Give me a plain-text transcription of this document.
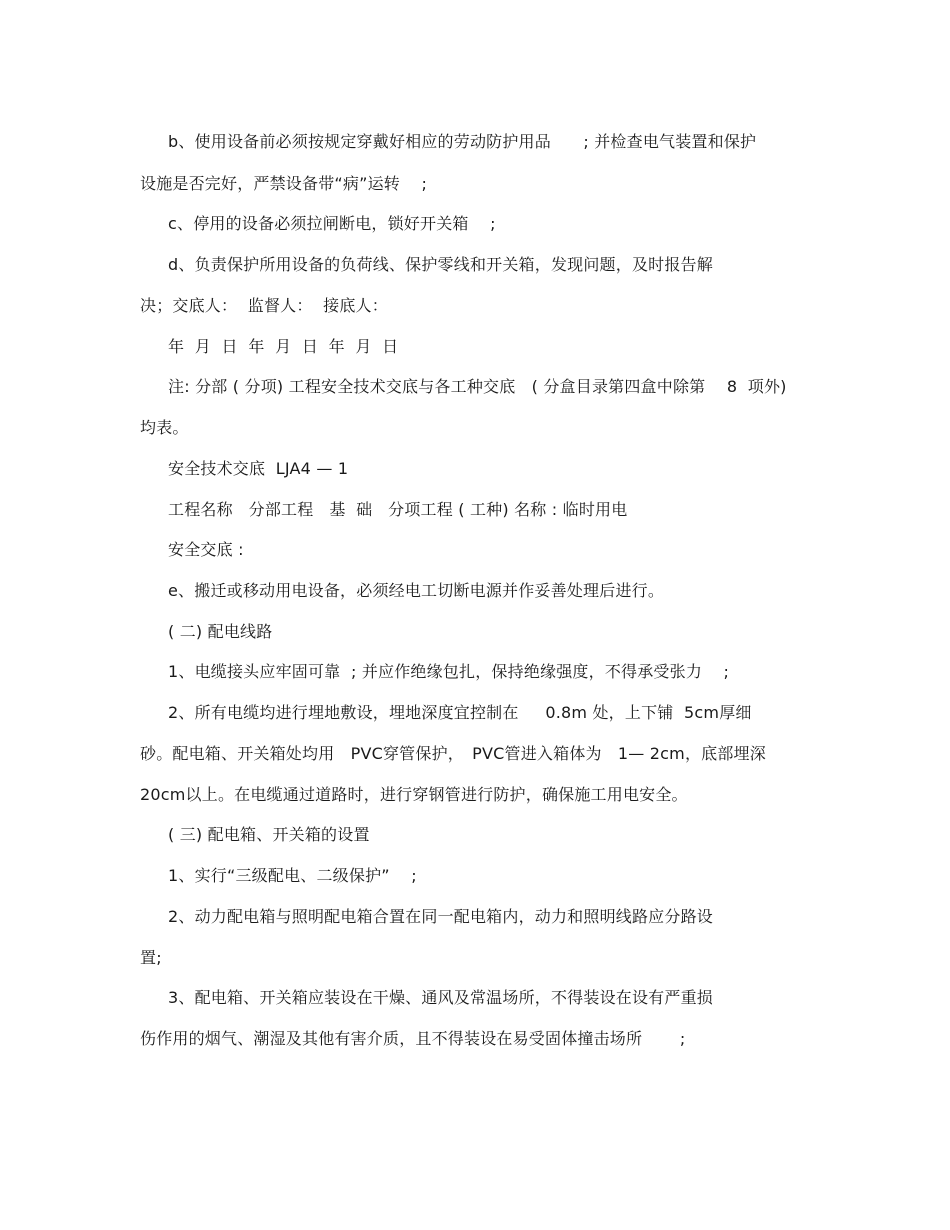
b、使用设备前必须按规定穿戴好相应的劳动防护用品　　; 并检查电气装置和保护
设施是否完好，严禁设备带“病”运转　 ;
c、停用的设备必须拉闸断电，锁好开关箱　 ;
d、负责保护所用设备的负荷线、保护零线和开关箱，发现问题，及时报告解
决；交底人：  监督人：  接底人：
年  月  日  年  月  日  年  月  日
注: 分部 ( 分项) 工程安全技术交底与各工种交底　( 分盒目录第四盒中除第　 8  项外)
均表。
安全技术交底  LJA4 — 1
工程名称   分部工程   基  础   分项工程 ( 工种) 名称 : 临时用电
安全交底 :
e、搬迁或移动用电设备，必须经电工切断电源并作妥善处理后进行。
( 二) 配电线路
1、电缆接头应牢固可靠  ; 并应作绝缘包扎，保持绝缘强度，不得承受张力　 ;
2、所有电缆均进行埋地敷设，埋地深度宜控制在　  0.8m 处，上下铺  5cm厚细
砂。配电箱、开关箱处均用　PVC穿管保护，　PVC管进入箱体为　1— 2cm，底部埋深
20cm以上。在电缆通过道路时，进行穿钢管进行防护，确保施工用电安全。
( 三) 配电箱、开关箱的设置
1、实行“三级配电、二级保护”　 ;
2、动力配电箱与照明配电箱合置在同一配电箱内，动力和照明线路应分路设
置;
3、配电箱、开关箱应装设在干燥、通风及常温场所，不得装设在设有严重损
伤作用的烟气、潮湿及其他有害介质，且不得装设在易受固体撞击场所　　 ;
